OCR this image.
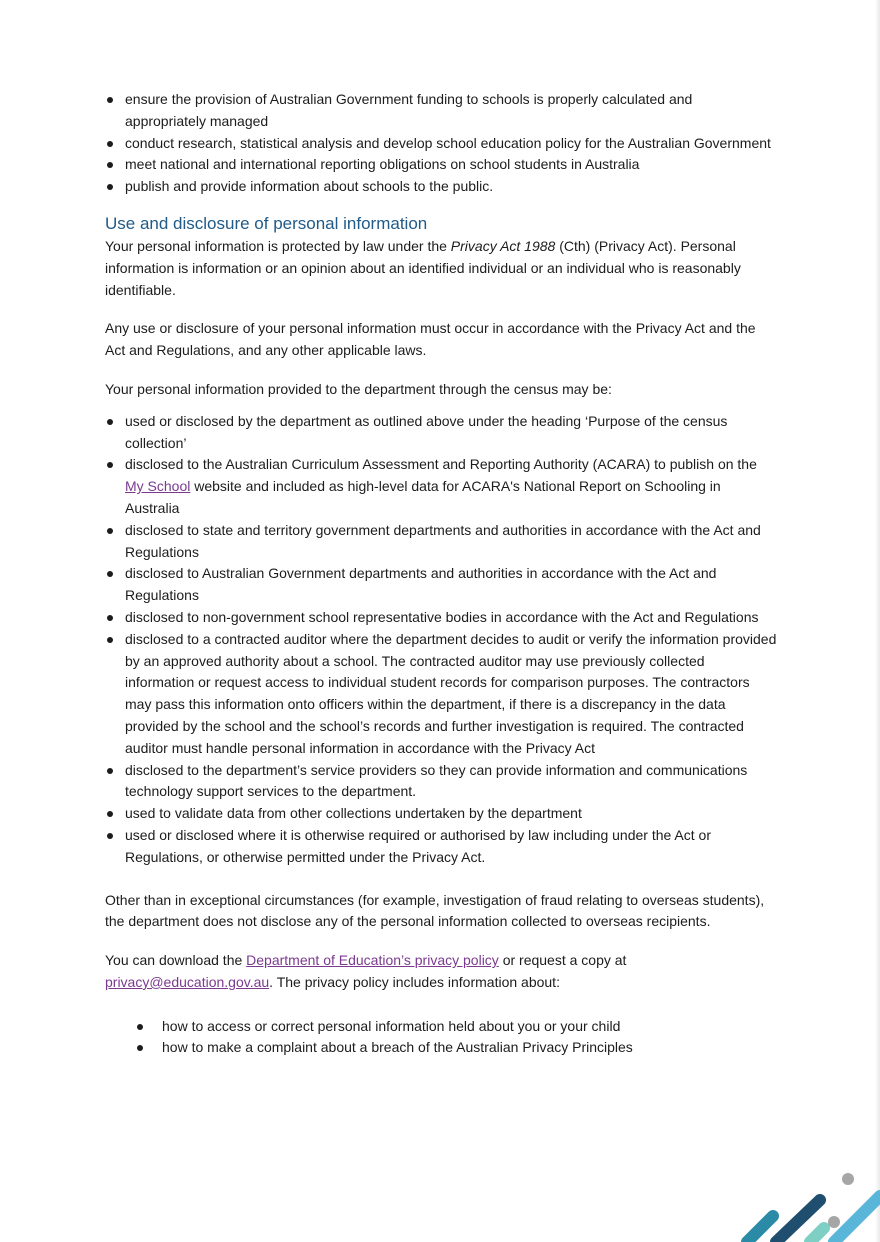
ensure the provision of Australian Government funding to schools is properly calculated and appropriately managed
conduct research, statistical analysis and develop school education policy for the Australian Government
meet national and international reporting obligations on school students in Australia
publish and provide information about schools to the public.
Use and disclosure of personal information

Your personal information is protected by law under the Privacy Act 1988 (Cth) (Privacy Act). Personal information is information or an opinion about an identified individual or an individual who is reasonably identifiable.

Any use or disclosure of your personal information must occur in accordance with the Privacy Act and the Act and Regulations, and any other applicable laws.

Your personal information provided to the department through the census may be:

used or disclosed by the department as outlined above under the heading ‘Purpose of the census collection’
disclosed to the Australian Curriculum Assessment and Reporting Authority (ACARA) to publish on the My School website and included as high-level data for ACARA's National Report on Schooling in Australia
disclosed to state and territory government departments and authorities in accordance with the Act and Regulations
disclosed to Australian Government departments and authorities in accordance with the Act and Regulations
disclosed to non-government school representative bodies in accordance with the Act and Regulations
disclosed to a contracted auditor where the department decides to audit or verify the information provided by an approved authority about a school. The contracted auditor may use previously collected information or request access to individual student records for comparison purposes. The contractors may pass this information onto officers within the department, if there is a discrepancy in the data provided by the school and the school’s records and further investigation is required. The contracted auditor must handle personal information in accordance with the Privacy Act
disclosed to the department’s service providers so they can provide information and communications technology support services to the department.
used to validate data from other collections undertaken by the department
used or disclosed where it is otherwise required or authorised by law including under the Act or Regulations, or otherwise permitted under the Privacy Act.

Other than in exceptional circumstances (for example, investigation of fraud relating to overseas students), the department does not disclose any of the personal information collected to overseas recipients.

You can download the Department of Education’s privacy policy or request a copy at privacy@education.gov.au. The privacy policy includes information about:

how to access or correct personal information held about you or your child
how to make a complaint about a breach of the Australian Privacy Principles
